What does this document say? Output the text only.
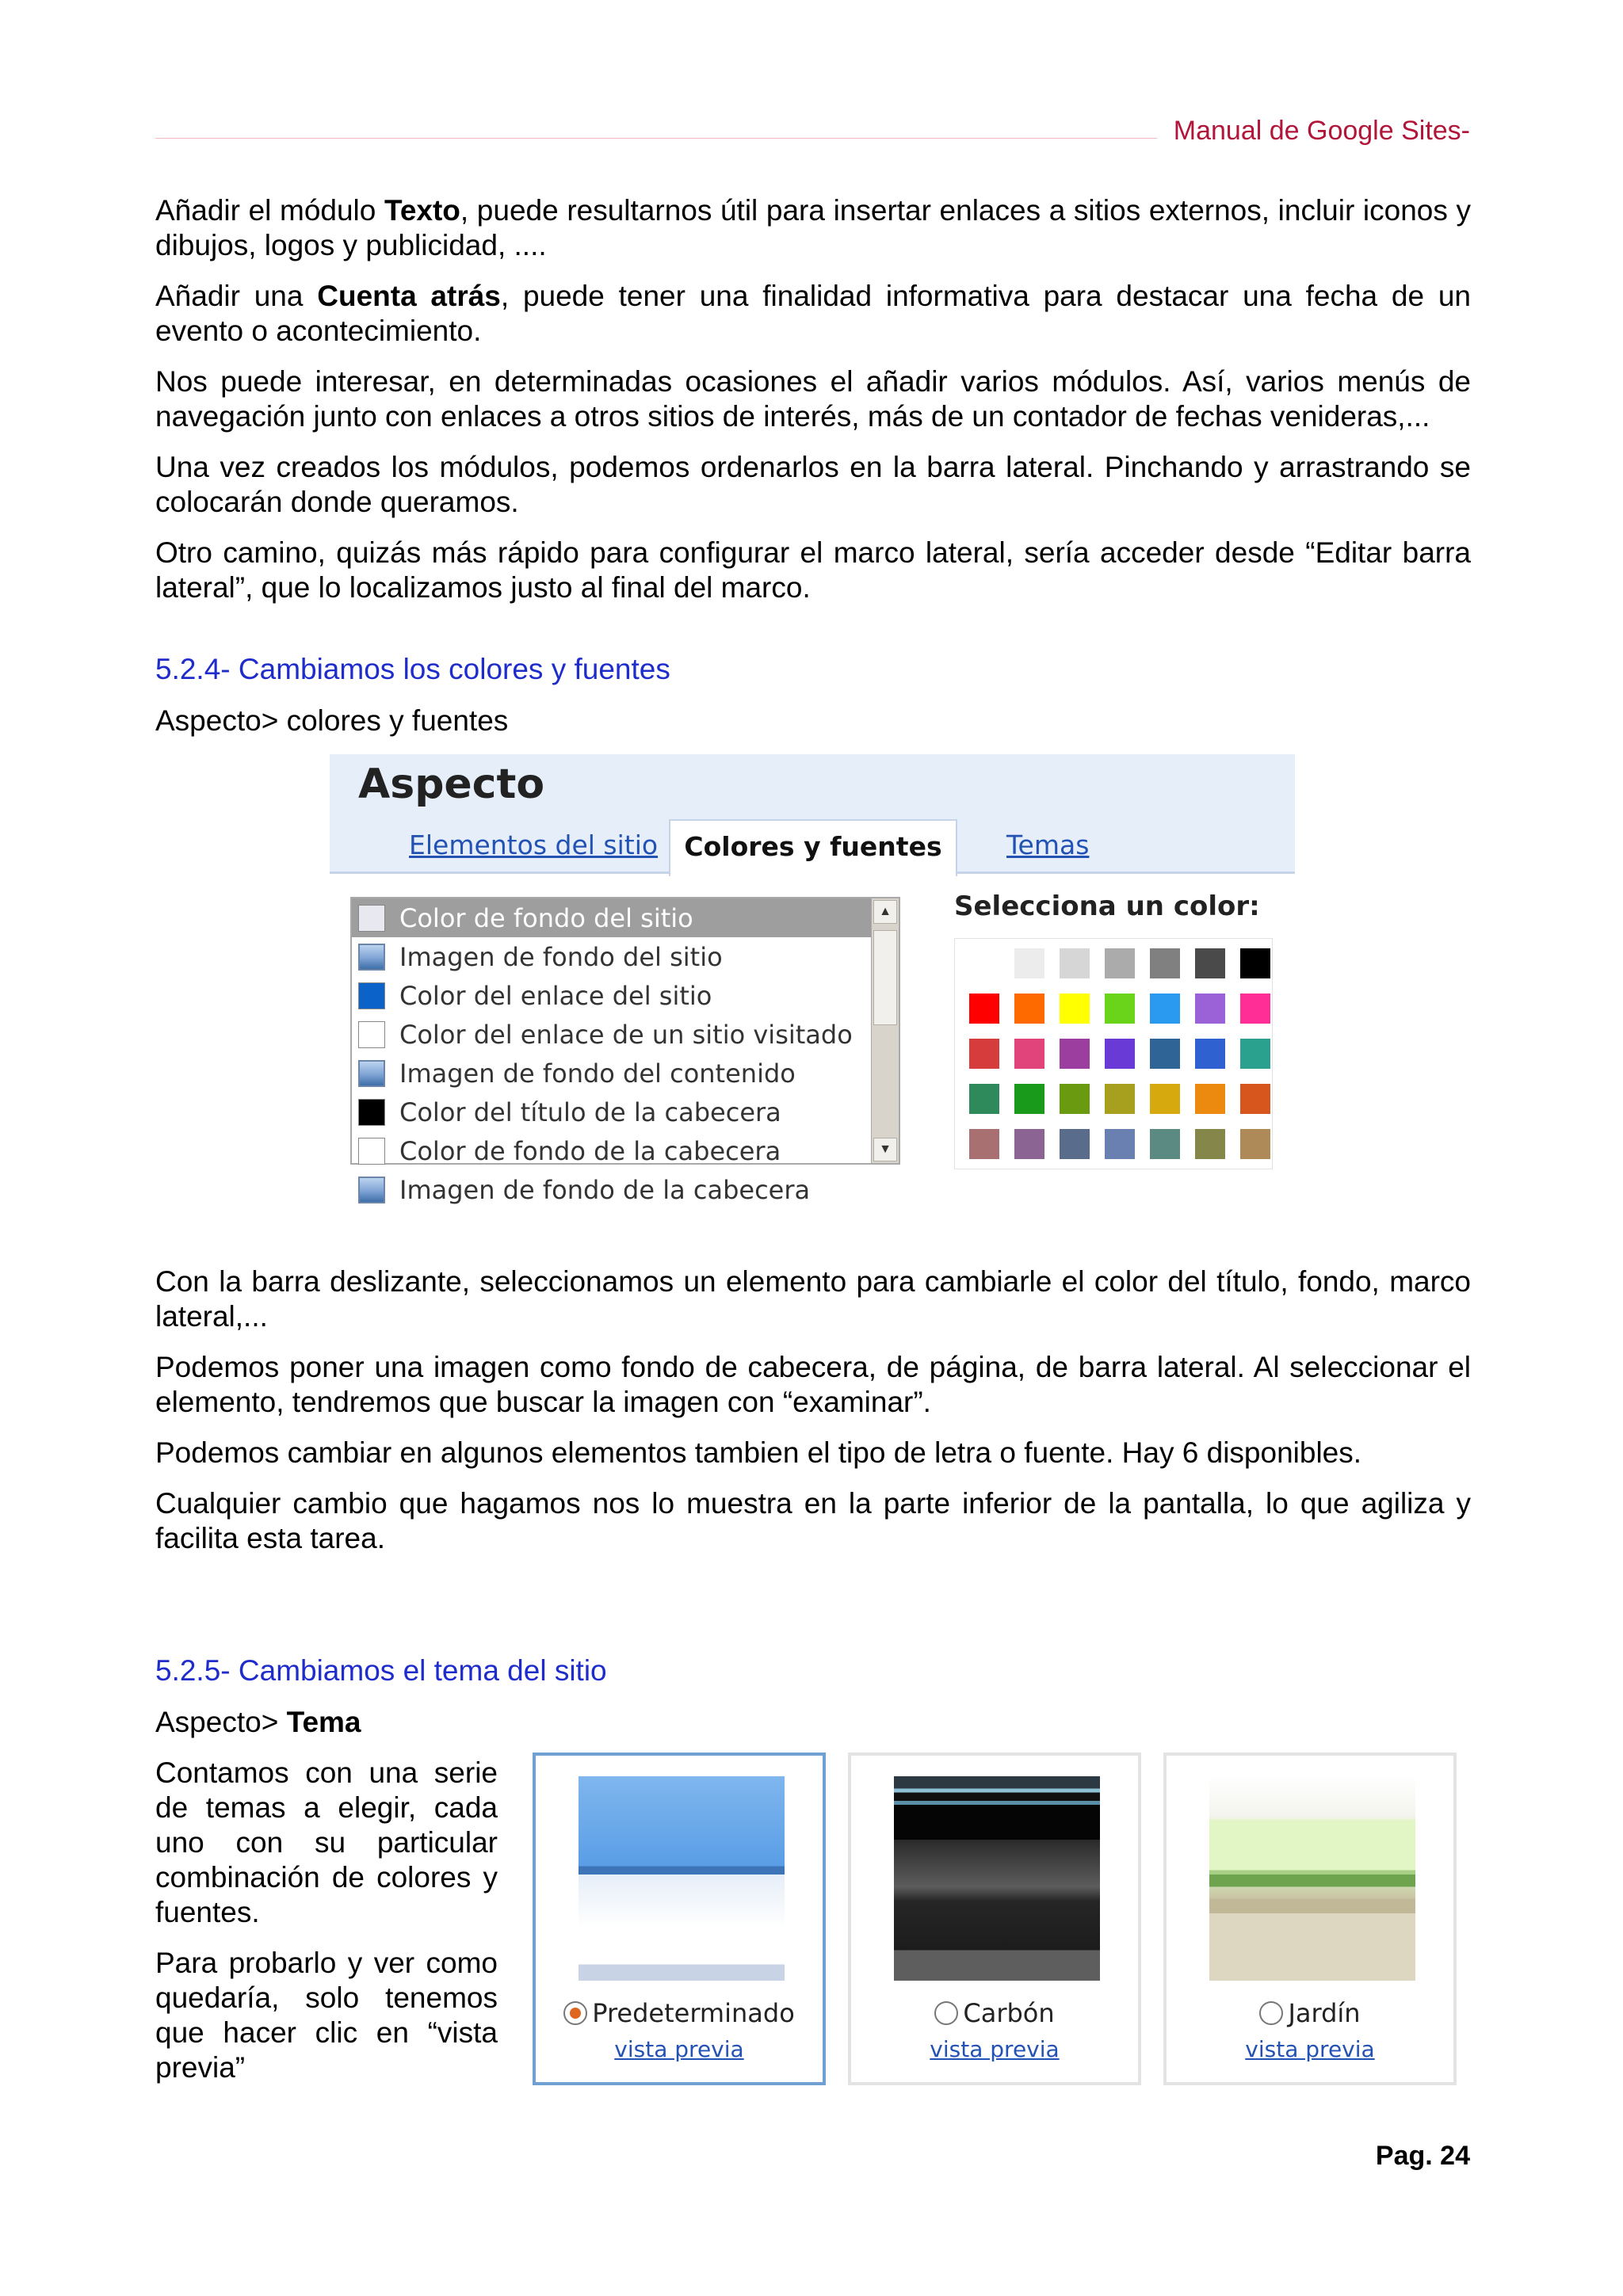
Manual de Google Sites-

Añadir el módulo Texto, puede resultarnos útil para insertar enlaces a sitios externos, incluir iconos y dibujos, logos y publicidad, ....

Añadir una Cuenta atrás, puede tener una finalidad informativa para destacar una fecha de un evento o acontecimiento.

Nos puede interesar, en determinadas ocasiones el añadir varios módulos. Así, varios menús de navegación junto con enlaces a otros sitios de interés, más de un contador de fechas venideras,...

Una vez creados los módulos, podemos ordenarlos en la barra lateral. Pinchando y arrastrando se colocarán donde queramos.

Otro camino, quizás más rápido para configurar el marco lateral, sería acceder desde “Editar barra lateral”, que lo localizamos justo al final del marco.

5.2.4- Cambiamos los colores y fuentes

Aspecto> colores y fuentes

Aspecto
Elementos del sitio	Colores y fuentes	Temas
Color de fondo del sitio
Imagen de fondo del sitio
Color del enlace del sitio
Color del enlace de un sitio visitado
Imagen de fondo del contenido
Color del título de la cabecera
Color de fondo de la cabecera
Imagen de fondo de la cabecera
▲
▼
Selecciona un color:

Con la barra deslizante, seleccionamos un elemento para cambiarle el color del título, fondo, marco lateral,...

Podemos poner una imagen como fondo de cabecera, de página, de barra lateral. Al seleccionar el elemento, tendremos que buscar la imagen con “examinar”.

Podemos cambiar en algunos elementos tambien el tipo de letra o fuente. Hay 6 disponibles.

Cualquier cambio que hagamos nos lo muestra en la parte inferior de la pantalla, lo que agiliza y facilita esta tarea.

5.2.5- Cambiamos el tema del sitio

Aspecto> Tema

Contamos con una serie de temas a elegir, cada uno con su particular combinación de colores y fuentes.

Para probarlo y ver como quedaría, solo tenemos que hacer clic en “vista previa”

Predeterminado
vista previa
Carbón
vista previa
Jardín
vista previa
Pag. 24
